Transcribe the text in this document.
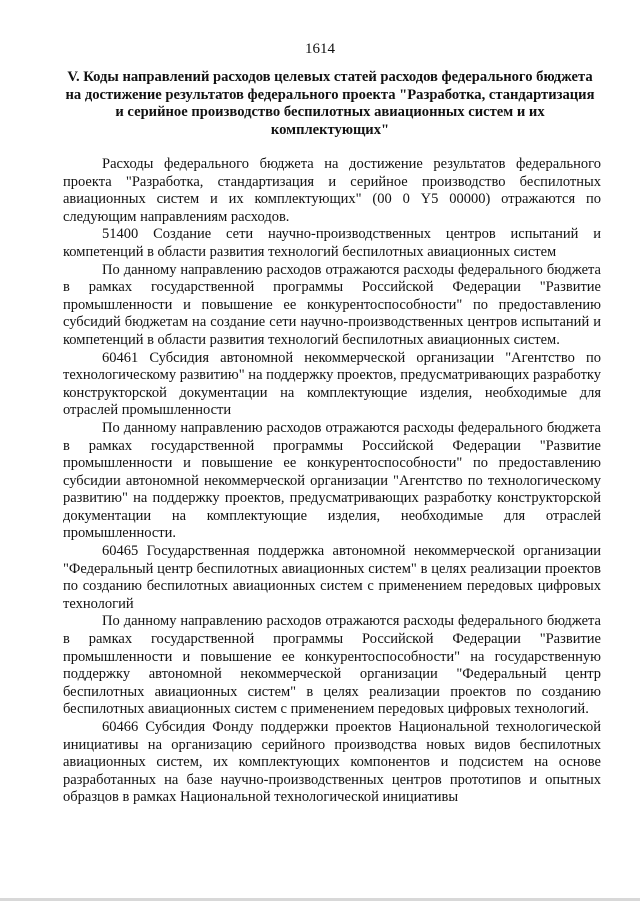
1614
V. Коды направлений расходов целевых статей расходов федерального бюджета на достижение результатов федерального проекта "Разработка, стандартизация и серийное производство беспилотных авиационных систем и их комплектующих"

Расходы федерального бюджета на достижение результатов федерального проекта "Разработка, стандартизация и серийное производство беспилотных авиационных систем и их комплектующих" (00 0 Y5 00000) отражаются по следующим направлениям расходов.

51400 Создание сети научно-производственных центров испытаний и компетенций в области развития технологий беспилотных авиационных систем

По данному направлению расходов отражаются расходы федерального бюджета в рамках государственной программы Российской Федерации "Развитие промышленности и повышение ее конкурентоспособности" по предоставлению субсидий бюджетам на создание сети научно-производственных центров испытаний и компетенций в области развития технологий беспилотных авиационных систем.

60461 Субсидия автономной некоммерческой организации "Агентство по технологическому развитию" на поддержку проектов, предусматривающих разработку конструкторской документации на комплектующие изделия, необходимые для отраслей промышленности

По данному направлению расходов отражаются расходы федерального бюджета в рамках государственной программы Российской Федерации "Развитие промышленности и повышение ее конкурентоспособности" по предоставлению субсидии автономной некоммерческой организации "Агентство по технологическому развитию" на поддержку проектов, предусматривающих разработку конструкторской документации на комплектующие изделия, необходимые для отраслей промышленности.

60465 Государственная поддержка автономной некоммерческой организации "Федеральный центр беспилотных авиационных систем" в целях реализации проектов по созданию беспилотных авиационных систем с применением передовых цифровых технологий

По данному направлению расходов отражаются расходы федерального бюджета в рамках государственной программы Российской Федерации "Развитие промышленности и повышение ее конкурентоспособности" на государственную поддержку автономной некоммерческой организации "Федеральный центр беспилотных авиационных систем" в целях реализации проектов по созданию беспилотных авиационных систем с применением передовых цифровых технологий.

60466 Субсидия Фонду поддержки проектов Национальной технологической инициативы на организацию серийного производства новых видов беспилотных авиационных систем, их комплектующих компонентов и подсистем на основе разработанных на базе научно-производственных центров прототипов и опытных образцов в рамках Национальной технологической инициативы
